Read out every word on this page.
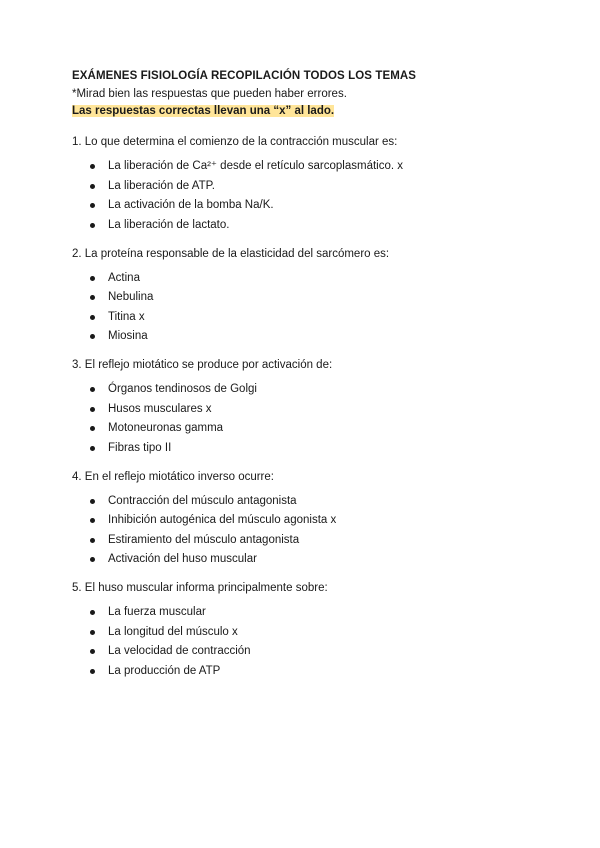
EXÁMENES FISIOLOGÍA RECOPILACIÓN TODOS LOS TEMAS

*Mirad bien las respuestas que pueden haber errores.

Las respuestas correctas llevan una “x” al lado.

1. Lo que determina el comienzo de la contracción muscular es:

La liberación de Ca²⁺ desde el retículo sarcoplasmático. x
La liberación de ATP.
La activación de la bomba Na/K.
La liberación de lactato.

2. La proteína responsable de la elasticidad del sarcómero es:

Actina
Nebulina
Titina x
Miosina

3. El reflejo miotático se produce por activación de:

Órganos tendinosos de Golgi
Husos musculares x
Motoneuronas gamma
Fibras tipo II

4. En el reflejo miotático inverso ocurre:

Contracción del músculo antagonista
Inhibición autogénica del músculo agonista x
Estiramiento del músculo antagonista
Activación del huso muscular

5. El huso muscular informa principalmente sobre:

La fuerza muscular
La longitud del músculo x
La velocidad de contracción
La producción de ATP
